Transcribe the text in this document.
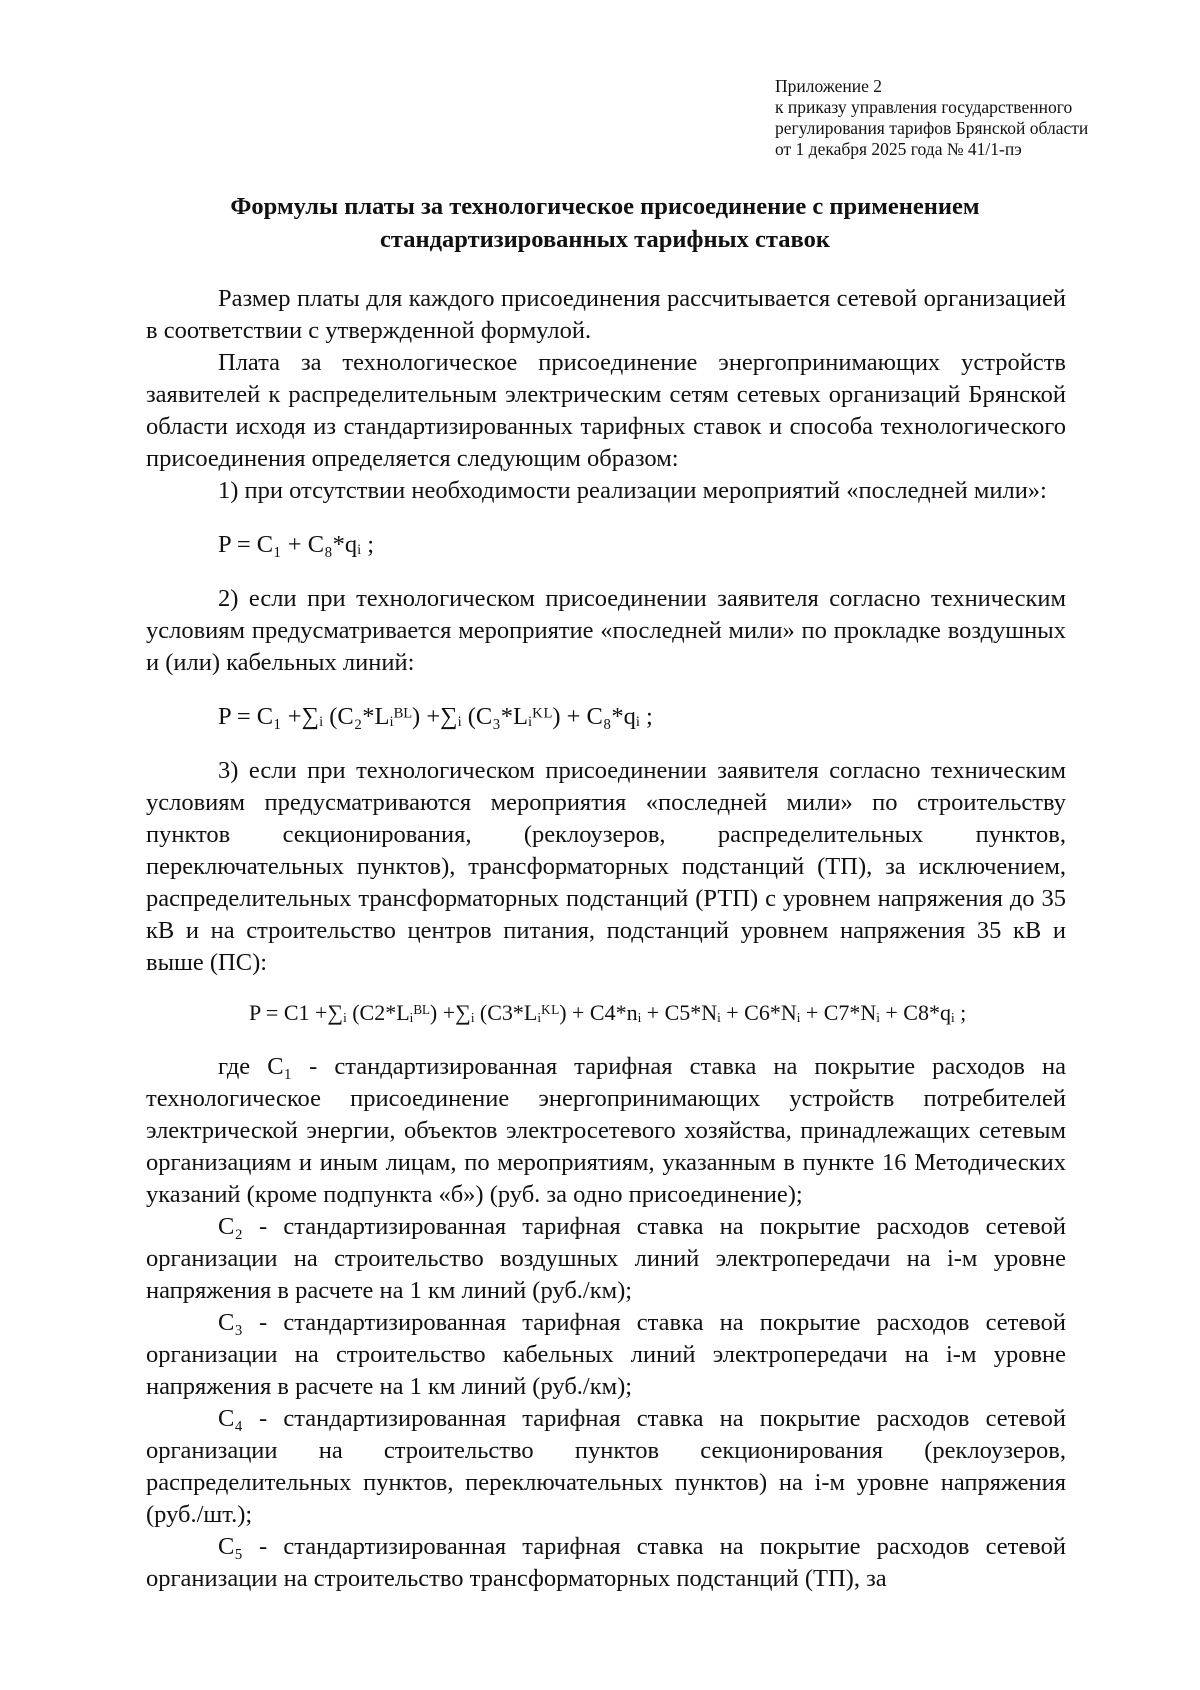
Приложение 2
к приказу управления государственного
регулирования тарифов Брянской области
от 1 декабря 2025 года № 41/1-пэ
Формулы платы за технологическое присоединение с применением
стандартизированных тарифных ставок

Размер платы для каждого присоединения рассчитывается сетевой организацией в соответствии с утвержденной формулой.

Плата за технологическое присоединение энергопринимающих устройств заявителей к распределительным электрическим сетям сетевых организаций Брянской области исходя из стандартизированных тарифных ставок и способа технологического присоединения определяется следующим образом:

1) при отсутствии необходимости реализации мероприятий «последней мили»:

P = C₁ + C₈*qᵢ ;

2) если при технологическом присоединении заявителя согласно техническим условиям предусматривается мероприятие «последней мили» по прокладке воздушных и (или) кабельных линий:

P = C₁ +∑ᵢ (C₂*Lᵢᴮᴸ) +∑ᵢ (C₃*Lᵢᴷᴸ) + C₈*qᵢ ;

3) если при технологическом присоединении заявителя согласно техническим условиям предусматриваются мероприятия «последней мили» по строительству пунктов секционирования, (реклоузеров, распределительных пунктов, переключательных пунктов), трансформаторных подстанций (ТП), за исключением, распределительных трансформаторных подстанций (РТП) с уровнем напряжения до 35 кВ и на строительство центров питания, подстанций уровнем напряжения 35 кВ и выше (ПС):

P = C1 +∑ᵢ (C2*Lᵢᴮᴸ) +∑ᵢ (C3*Lᵢᴷᴸ) + C4*nᵢ + C5*Nᵢ + C6*Nᵢ + C7*Nᵢ + C8*qᵢ ;

где C₁ - стандартизированная тарифная ставка на покрытие расходов на технологическое присоединение энергопринимающих устройств потребителей электрической энергии, объектов электросетевого хозяйства, принадлежащих сетевым организациям и иным лицам, по мероприятиям, указанным в пункте 16 Методических указаний (кроме подпункта «б») (руб. за одно присоединение);

C₂ - стандартизированная тарифная ставка на покрытие расходов сетевой организации на строительство воздушных линий электропередачи на i-м уровне напряжения в расчете на 1 км линий (руб./км);

C₃ - стандартизированная тарифная ставка на покрытие расходов сетевой организации на строительство кабельных линий электропередачи на i-м уровне напряжения в расчете на 1 км линий (руб./км);

C₄ - стандартизированная тарифная ставка на покрытие расходов сетевой организации на строительство пунктов секционирования (реклоузеров, распределительных пунктов, переключательных пунктов) на i-м уровне напряжения (руб./шт.);

C₅ - стандартизированная тарифная ставка на покрытие расходов сетевой организации на строительство трансформаторных подстанций (ТП), за
